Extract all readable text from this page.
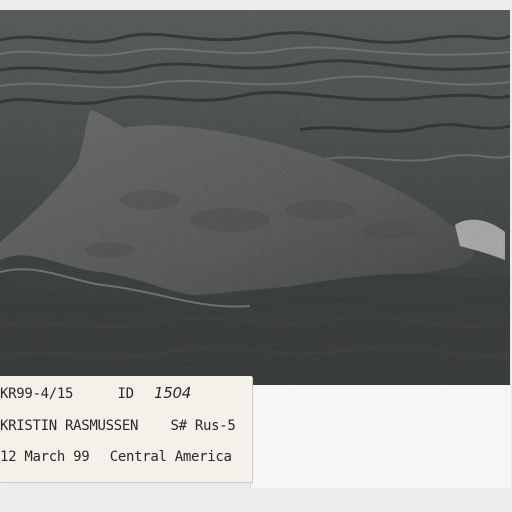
KR99-4/15	ID 1504
KRISTIN RASMUSSEN S# Rus-5
12 March 99 Central America
